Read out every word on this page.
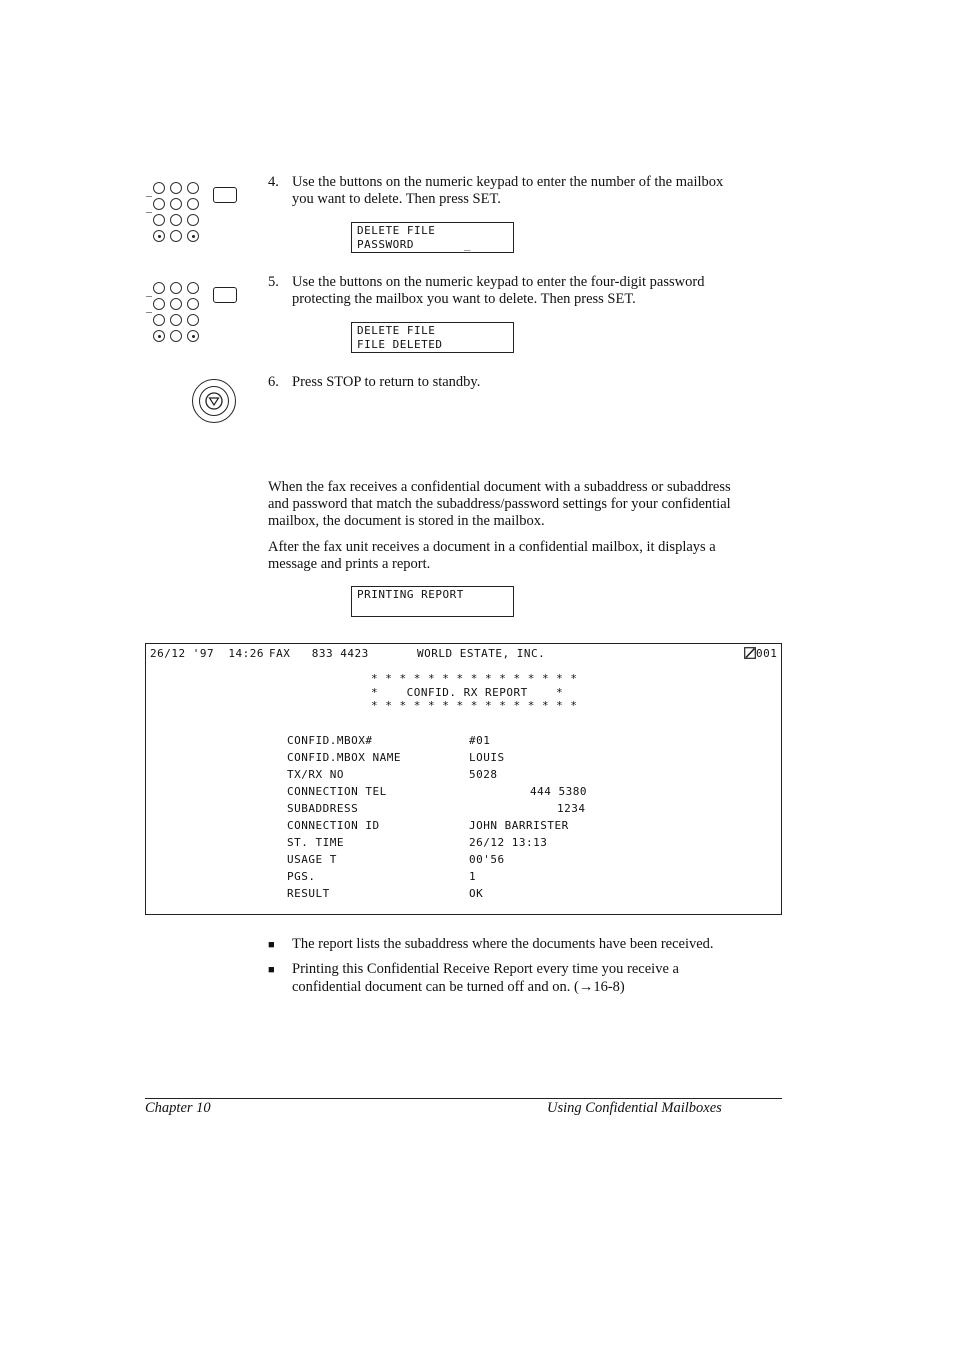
4. Use the buttons on the numeric keypad to enter the number of the mailbox
you want to delete. Then press SET.
DELETE FILE
PASSWORD       _
5. Use the buttons on the numeric keypad to enter the four-digit password
protecting the mailbox you want to delete. Then press SET.
DELETE FILE
FILE DELETED
6. Press STOP to return to standby.
When the fax receives a confidential document with a subaddress or subaddress
and password that match the subaddress/password settings for your confidential
mailbox, the document is stored in the mailbox.
After the fax unit receives a document in a confidential mailbox, it displays a
message and prints a report.
PRINTING REPORT
26/12 '97  14:26 FAX   833 4423	WORLD ESTATE, INC.	001
* * * * * * * * * * * * * * *
*    CONFID. RX REPORT    *
* * * * * * * * * * * * * * *
CONFID.MBOX#	#01
CONFID.MBOX NAME	LOUIS
TX/RX NO	5028
CONNECTION TEL	444 5380
SUBADDRESS	1234
CONNECTION ID	JOHN BARRISTER
ST. TIME	26/12 13:13
USAGE T	00'56
PGS.	1
RESULT	OK
■ The report lists the subaddress where the documents have been received.
■ Printing this Confidential Receive Report every time you receive a
confidential document can be turned off and on. (→16-8)
Chapter 10	Using Confidential Mailboxes
